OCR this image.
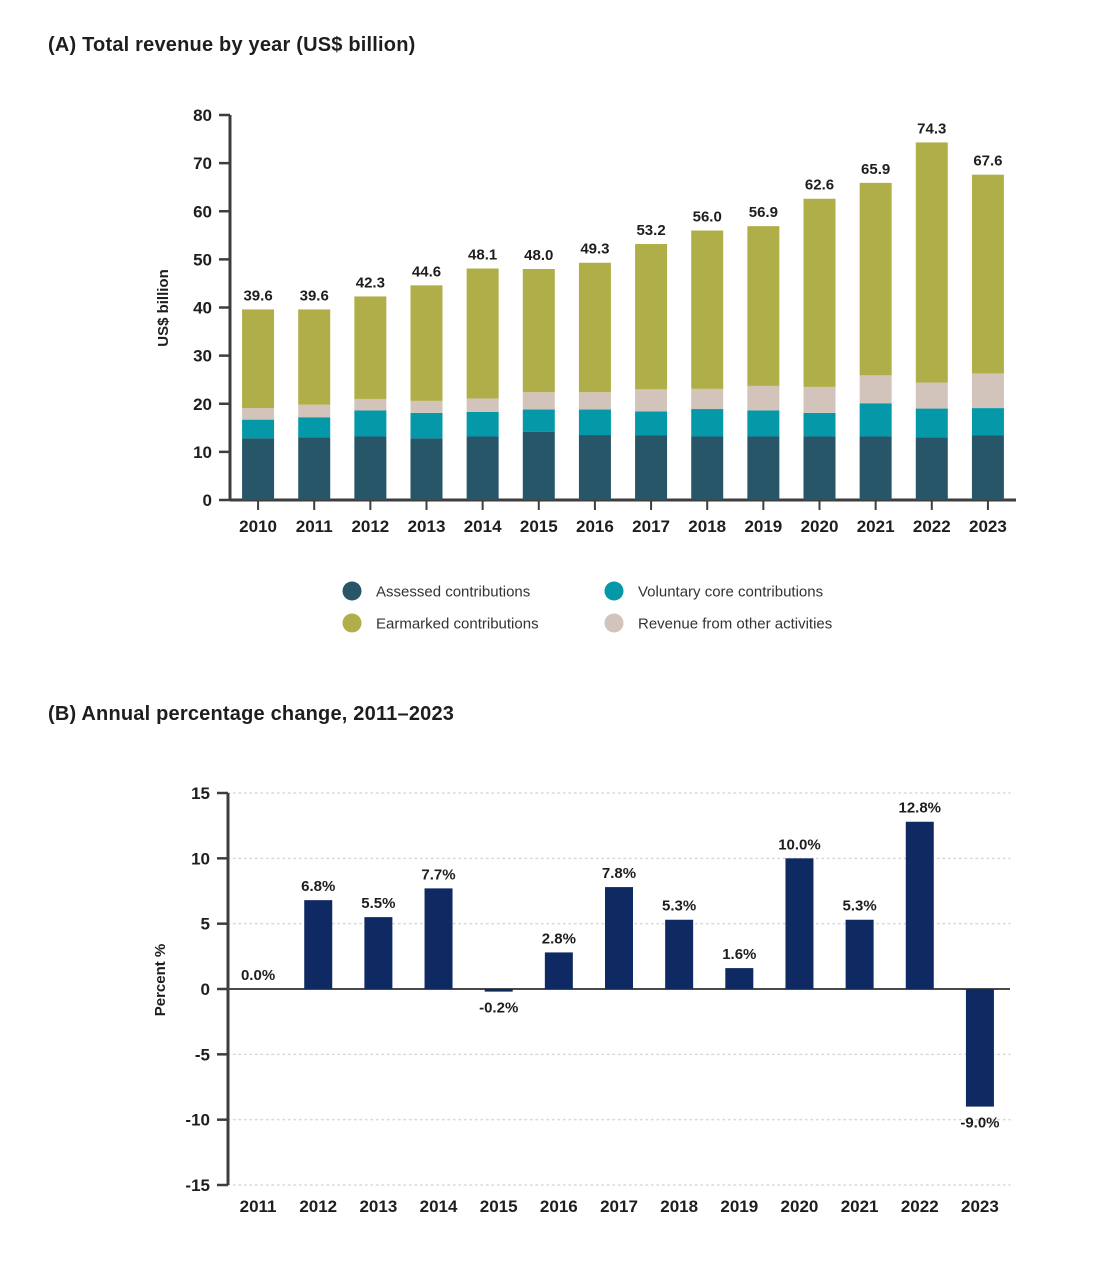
(A) Total revenue by year (US$ billion)
0
10
20
30
40
50
60
70
80
39.6
2010
39.6
2011
42.3
2012
44.6
2013
48.1
2014
48.0
2015
49.3
2016
53.2
2017
56.0
2018
56.9
2019
62.6
2020
65.9
2021
74.3
2022
67.6
2023
US$ billion
Assessed contributions	Voluntary core contributions
Earmarked contributions	Revenue from other activities
(B) Annual percentage change, 2011–2023
15
10
5
0
-5
-10
-15
0.0%
2011
6.8%
2012
5.5%
2013
7.7%
2014
-0.2%
2015
2.8%
2016
7.8%
2017
5.3%
2018
1.6%
2019
10.0%
2020
5.3%
2021
12.8%
2022
-9.0%
2023
Percent %
